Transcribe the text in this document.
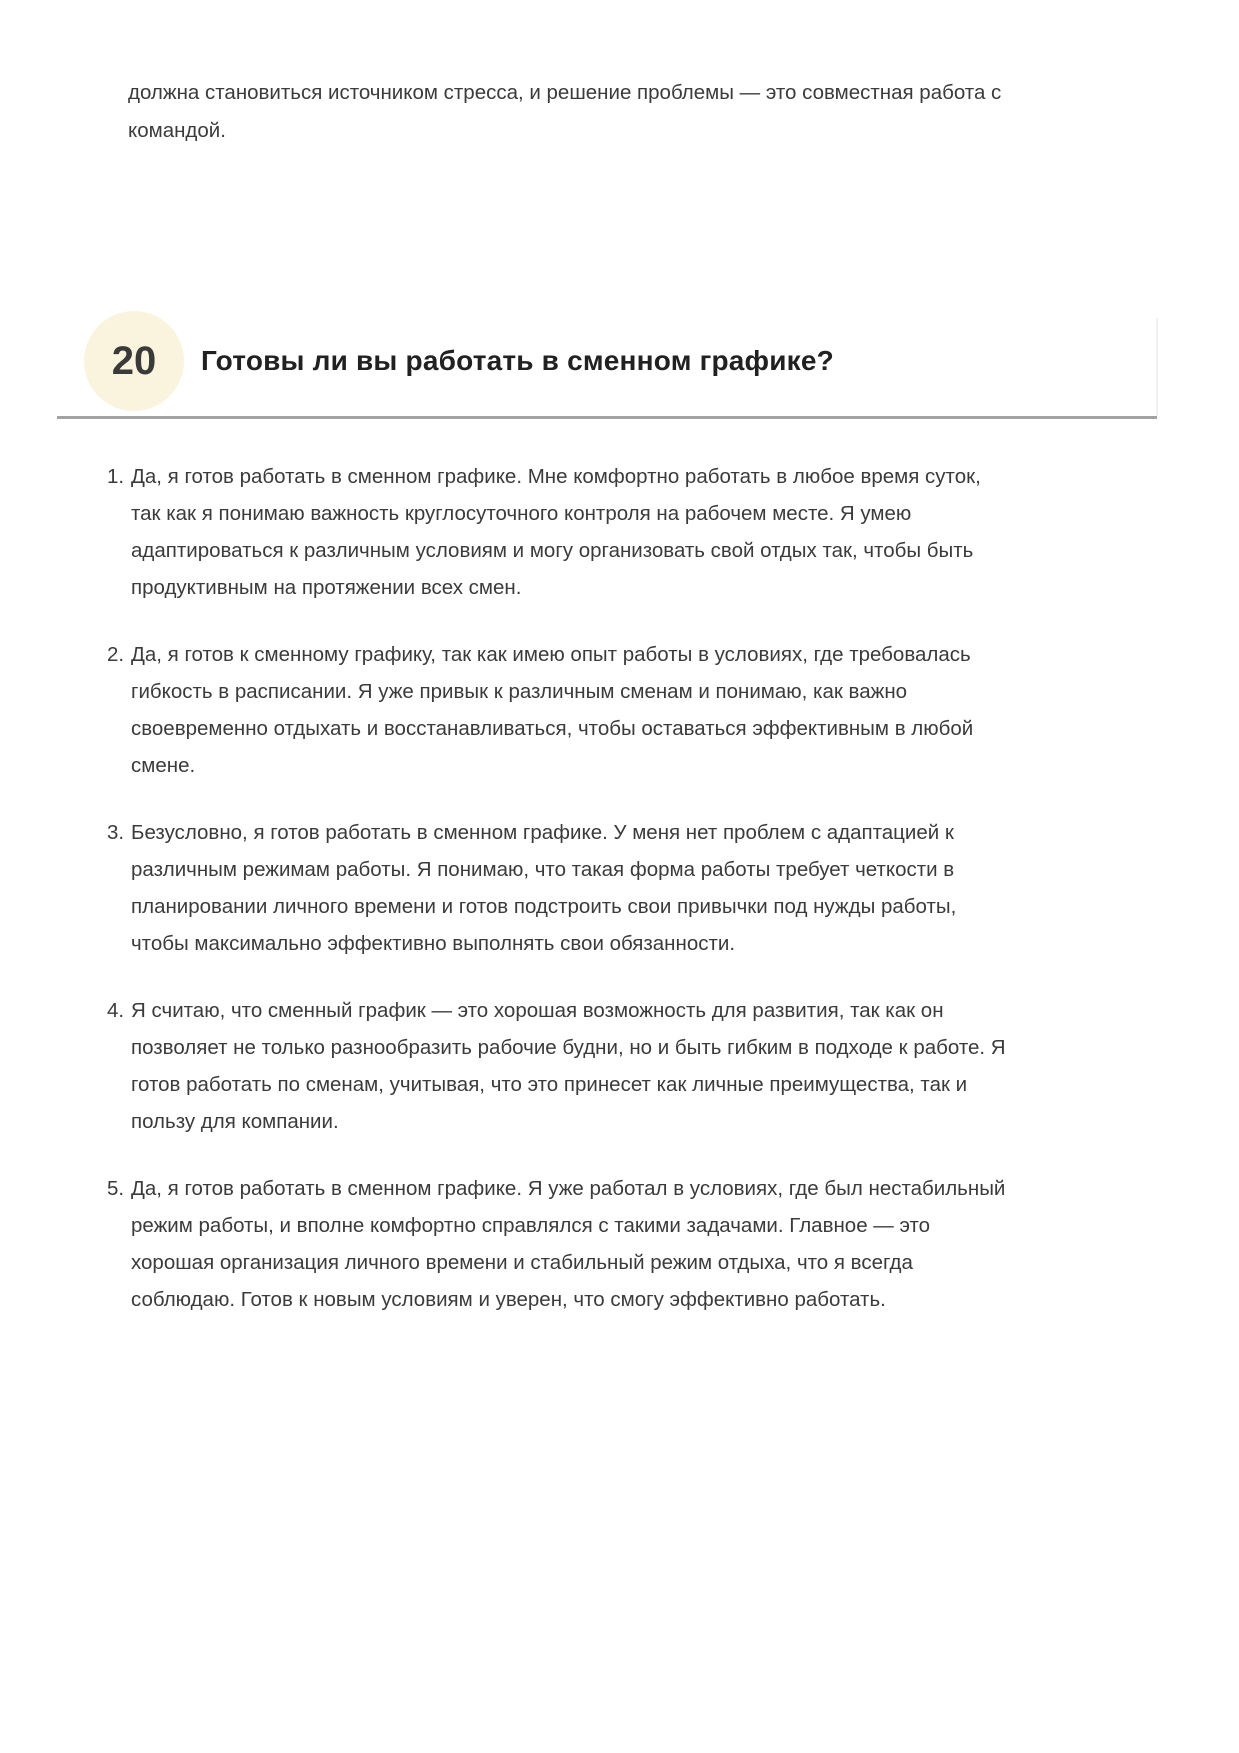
должна становиться источником стресса, и решение проблемы — это совместная работа с командой.

20	Готовы ли вы работать в сменном графике?
1. Да, я готов работать в сменном графике. Мне комфортно работать в любое время суток, так как я понимаю важность круглосуточного контроля на рабочем месте. Я умею адаптироваться к различным условиям и могу организовать свой отдых так, чтобы быть продуктивным на протяжении всех смен.
2. Да, я готов к сменному графику, так как имею опыт работы в условиях, где требовалась гибкость в расписании. Я уже привык к различным сменам и понимаю, как важно своевременно отдыхать и восстанавливаться, чтобы оставаться эффективным в любой смене.
3. Безусловно, я готов работать в сменном графике. У меня нет проблем с адаптацией к различным режимам работы. Я понимаю, что такая форма работы требует четкости в планировании личного времени и готов подстроить свои привычки под нужды работы, чтобы максимально эффективно выполнять свои обязанности.
4. Я считаю, что сменный график — это хорошая возможность для развития, так как он позволяет не только разнообразить рабочие будни, но и быть гибким в подходе к работе. Я готов работать по сменам, учитывая, что это принесет как личные преимущества, так и пользу для компании.
5. Да, я готов работать в сменном графике. Я уже работал в условиях, где был нестабильный режим работы, и вполне комфортно справлялся с такими задачами. Главное — это хорошая организация личного времени и стабильный режим отдыха, что я всегда соблюдаю. Готов к новым условиям и уверен, что смогу эффективно работать.
